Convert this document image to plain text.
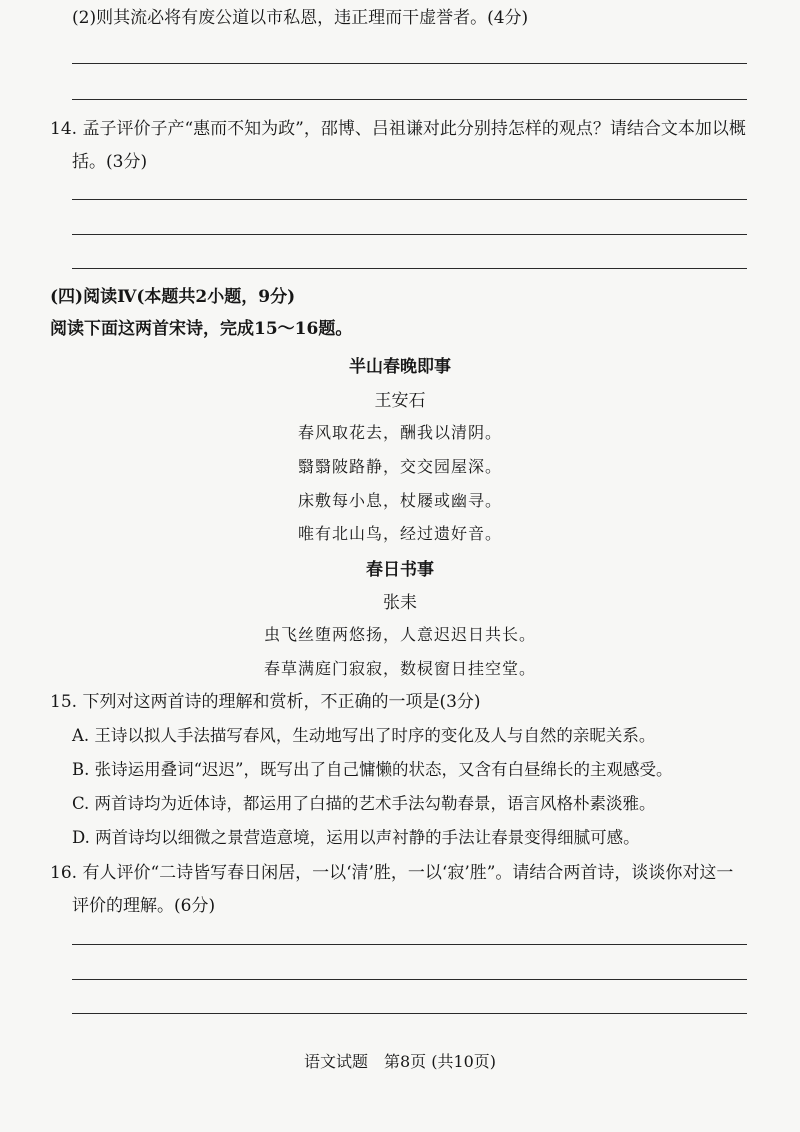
(2)则其流必将有废公道以市私恩，违正理而干虚誉者。(4分)
14. 孟子评价子产“惠而不知为政”，邵博、吕祖谦对此分别持怎样的观点？请结合文本加以概
括。(3分)
(四)阅读Ⅳ(本题共2小题，9分)
阅读下面这两首宋诗，完成15～16题。
半山春晚即事
王安石
春风取花去，酬我以清阴。
翳翳陂路静，交交园屋深。
床敷每小息，杖屦或幽寻。
唯有北山鸟，经过遗好音。
春日书事
张耒
虫飞丝堕两悠扬，人意迟迟日共长。
春草满庭门寂寂，数棂窗日挂空堂。
15. 下列对这两首诗的理解和赏析，不正确的一项是(3分)
A. 王诗以拟人手法描写春风，生动地写出了时序的变化及人与自然的亲昵关系。
B. 张诗运用叠词“迟迟”，既写出了自己慵懒的状态，又含有白昼绵长的主观感受。
C. 两首诗均为近体诗，都运用了白描的艺术手法勾勒春景，语言风格朴素淡雅。
D. 两首诗均以细微之景营造意境，运用以声衬静的手法让春景变得细腻可感。
16. 有人评价“二诗皆写春日闲居，一以‘清’胜，一以‘寂’胜”。请结合两首诗，谈谈你对这一
评价的理解。(6分)
语文试题　第8页 (共10页)
